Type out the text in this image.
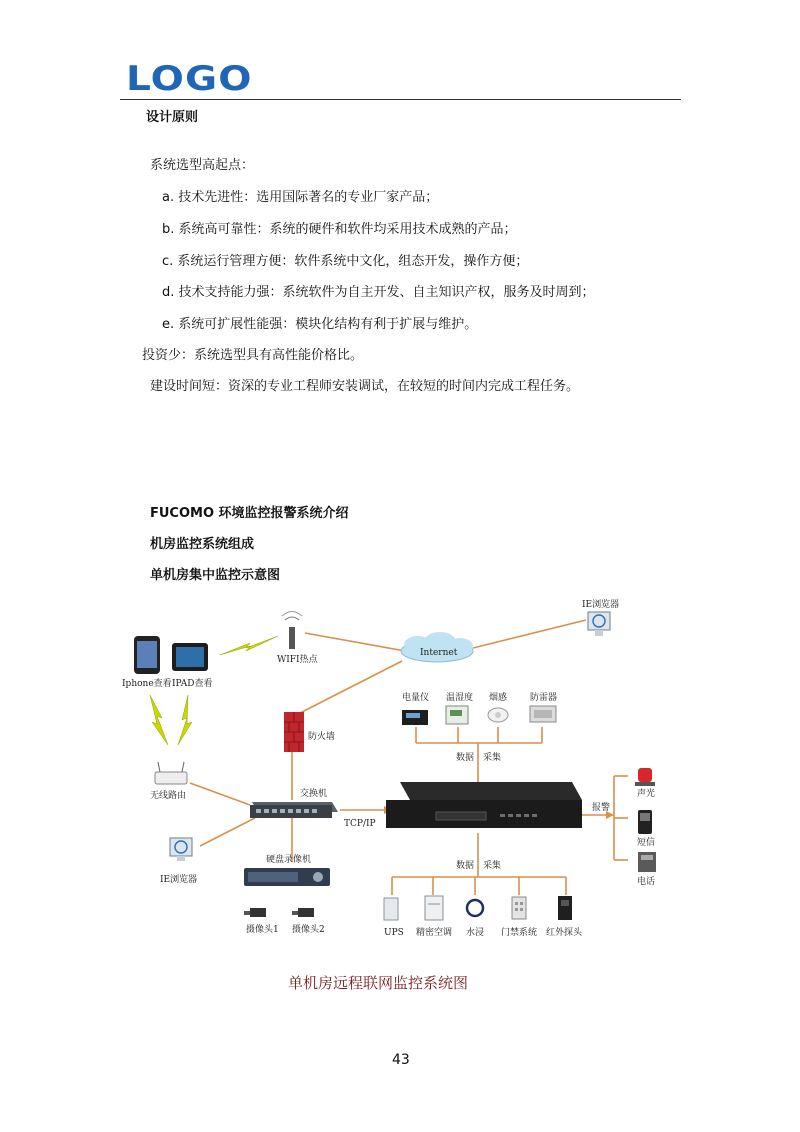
LOGO
设计原则
系统选型高起点：
a. 技术先进性：选用国际著名的专业厂家产品；
b. 系统高可靠性：系统的硬件和软件均采用技术成熟的产品；
c. 系统运行管理方便：软件系统中文化，组态开发，操作方便；
d. 技术支持能力强：系统软件为自主开发、自主知识产权，服务及时周到；
e. 系统可扩展性能强：模块化结构有利于扩展与维护。
投资少：系统选型具有高性能价格比。
建设时间短：资深的专业工程师安装调试，在较短的时间内完成工程任务。
FUCOMO 环境监控报警系统介绍
机房监控系统组成
单机房集中监控示意图
Internet
IE浏览器
WIFI热点
Iphone查看 IPAD查看
防火墙
无线路由	交换机
TCP/IP
IE浏览器
硬盘录像机
摄像头1 摄像头2
电量仪 温湿度 烟感	防雷器
数据 采集
数据 采集
UPS 精密空调 水浸 门禁系统 红外探头
报警
声光
短信
电话
单机房远程联网监控系统图
43
